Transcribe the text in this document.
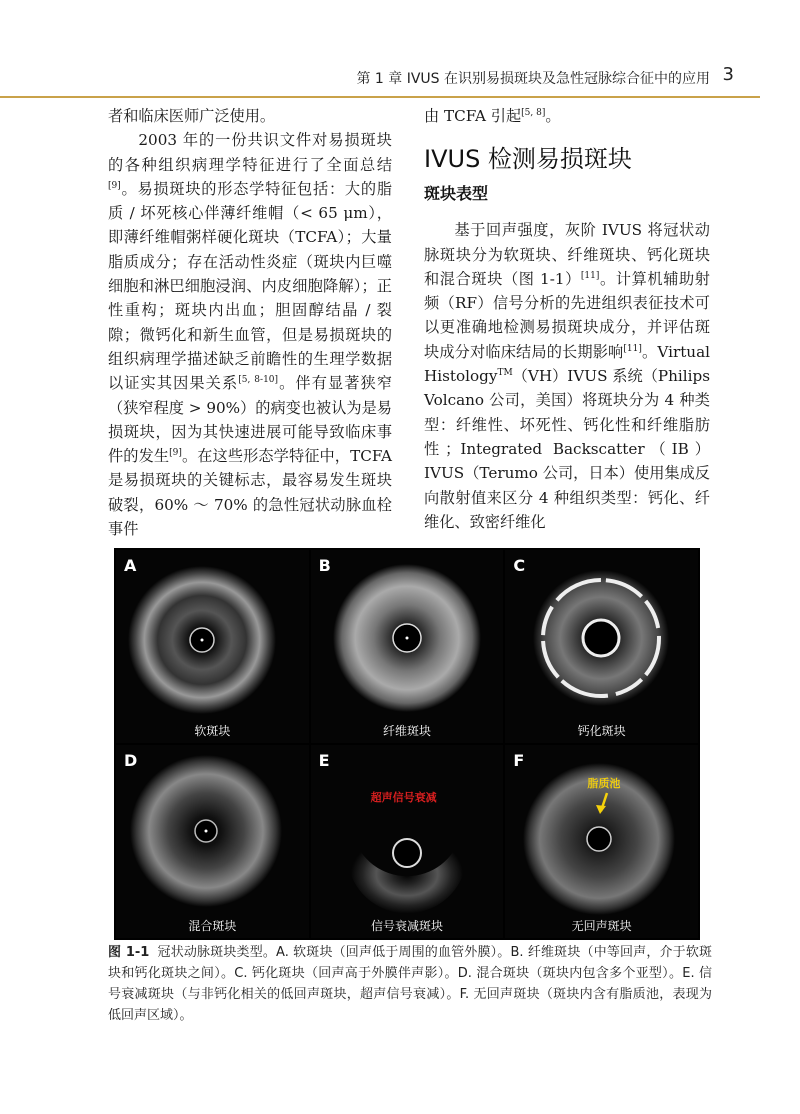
第 1 章 IVUS 在识别易损斑块及急性冠脉综合征中的应用 3

者和临床医师广泛使用。

2003 年的一份共识文件对易损斑块的各种组织病理学特征进行了全面总结[9]。易损斑块的形态学特征包括：大的脂质 / 坏死核心伴薄纤维帽（< 65 μm），即薄纤维帽粥样硬化斑块（TCFA）；大量脂质成分；存在活动性炎症（斑块内巨噬细胞和淋巴细胞浸润、内皮细胞降解）；正性重构；斑块内出血；胆固醇结晶 / 裂隙；微钙化和新生血管，但是易损斑块的组织病理学描述缺乏前瞻性的生理学数据以证实其因果关系[5, 8-10]。伴有显著狭窄（狭窄程度 > 90%）的病变也被认为是易损斑块，因为其快速进展可能导致临床事件的发生[9]。在这些形态学特征中，TCFA 是易损斑块的关键标志，最容易发生斑块破裂，60% ～ 70% 的急性冠状动脉血栓事件

由 TCFA 引起[5, 8]。

IVUS 检测易损斑块
斑块表型

基于回声强度，灰阶 IVUS 将冠状动脉斑块分为软斑块、纤维斑块、钙化斑块和混合斑块（图 1-1）[11]。计算机辅助射频（RF）信号分析的先进组织表征技术可以更准确地检测易损斑块成分，并评估斑块成分对临床结局的长期影响[11]。Virtual Histology™（VH）IVUS 系统（Philips Volcano 公司，美国）将斑块分为 4 种类型：纤维性、坏死性、钙化性和纤维脂肪性；Integrated Backscatter（IB）IVUS（Terumo 公司，日本）使用集成反向散射值来区分 4 种组织类型：钙化、纤维化、致密纤维化

A
软斑块
B
纤维斑块
C
钙化斑块
D
混合斑块
E
超声信号衰减
信号衰减斑块
F
脂质池
无回声斑块
图 1-1 冠状动脉斑块类型。A. 软斑块（回声低于周围的血管外膜）。B. 纤维斑块（中等回声，介于软斑块和钙化斑块之间）。C. 钙化斑块（回声高于外膜伴声影）。D. 混合斑块（斑块内包含多个亚型）。E. 信号衰减斑块（与非钙化相关的低回声斑块，超声信号衰减）。F. 无回声斑块（斑块内含有脂质池，表现为低回声区域）。
